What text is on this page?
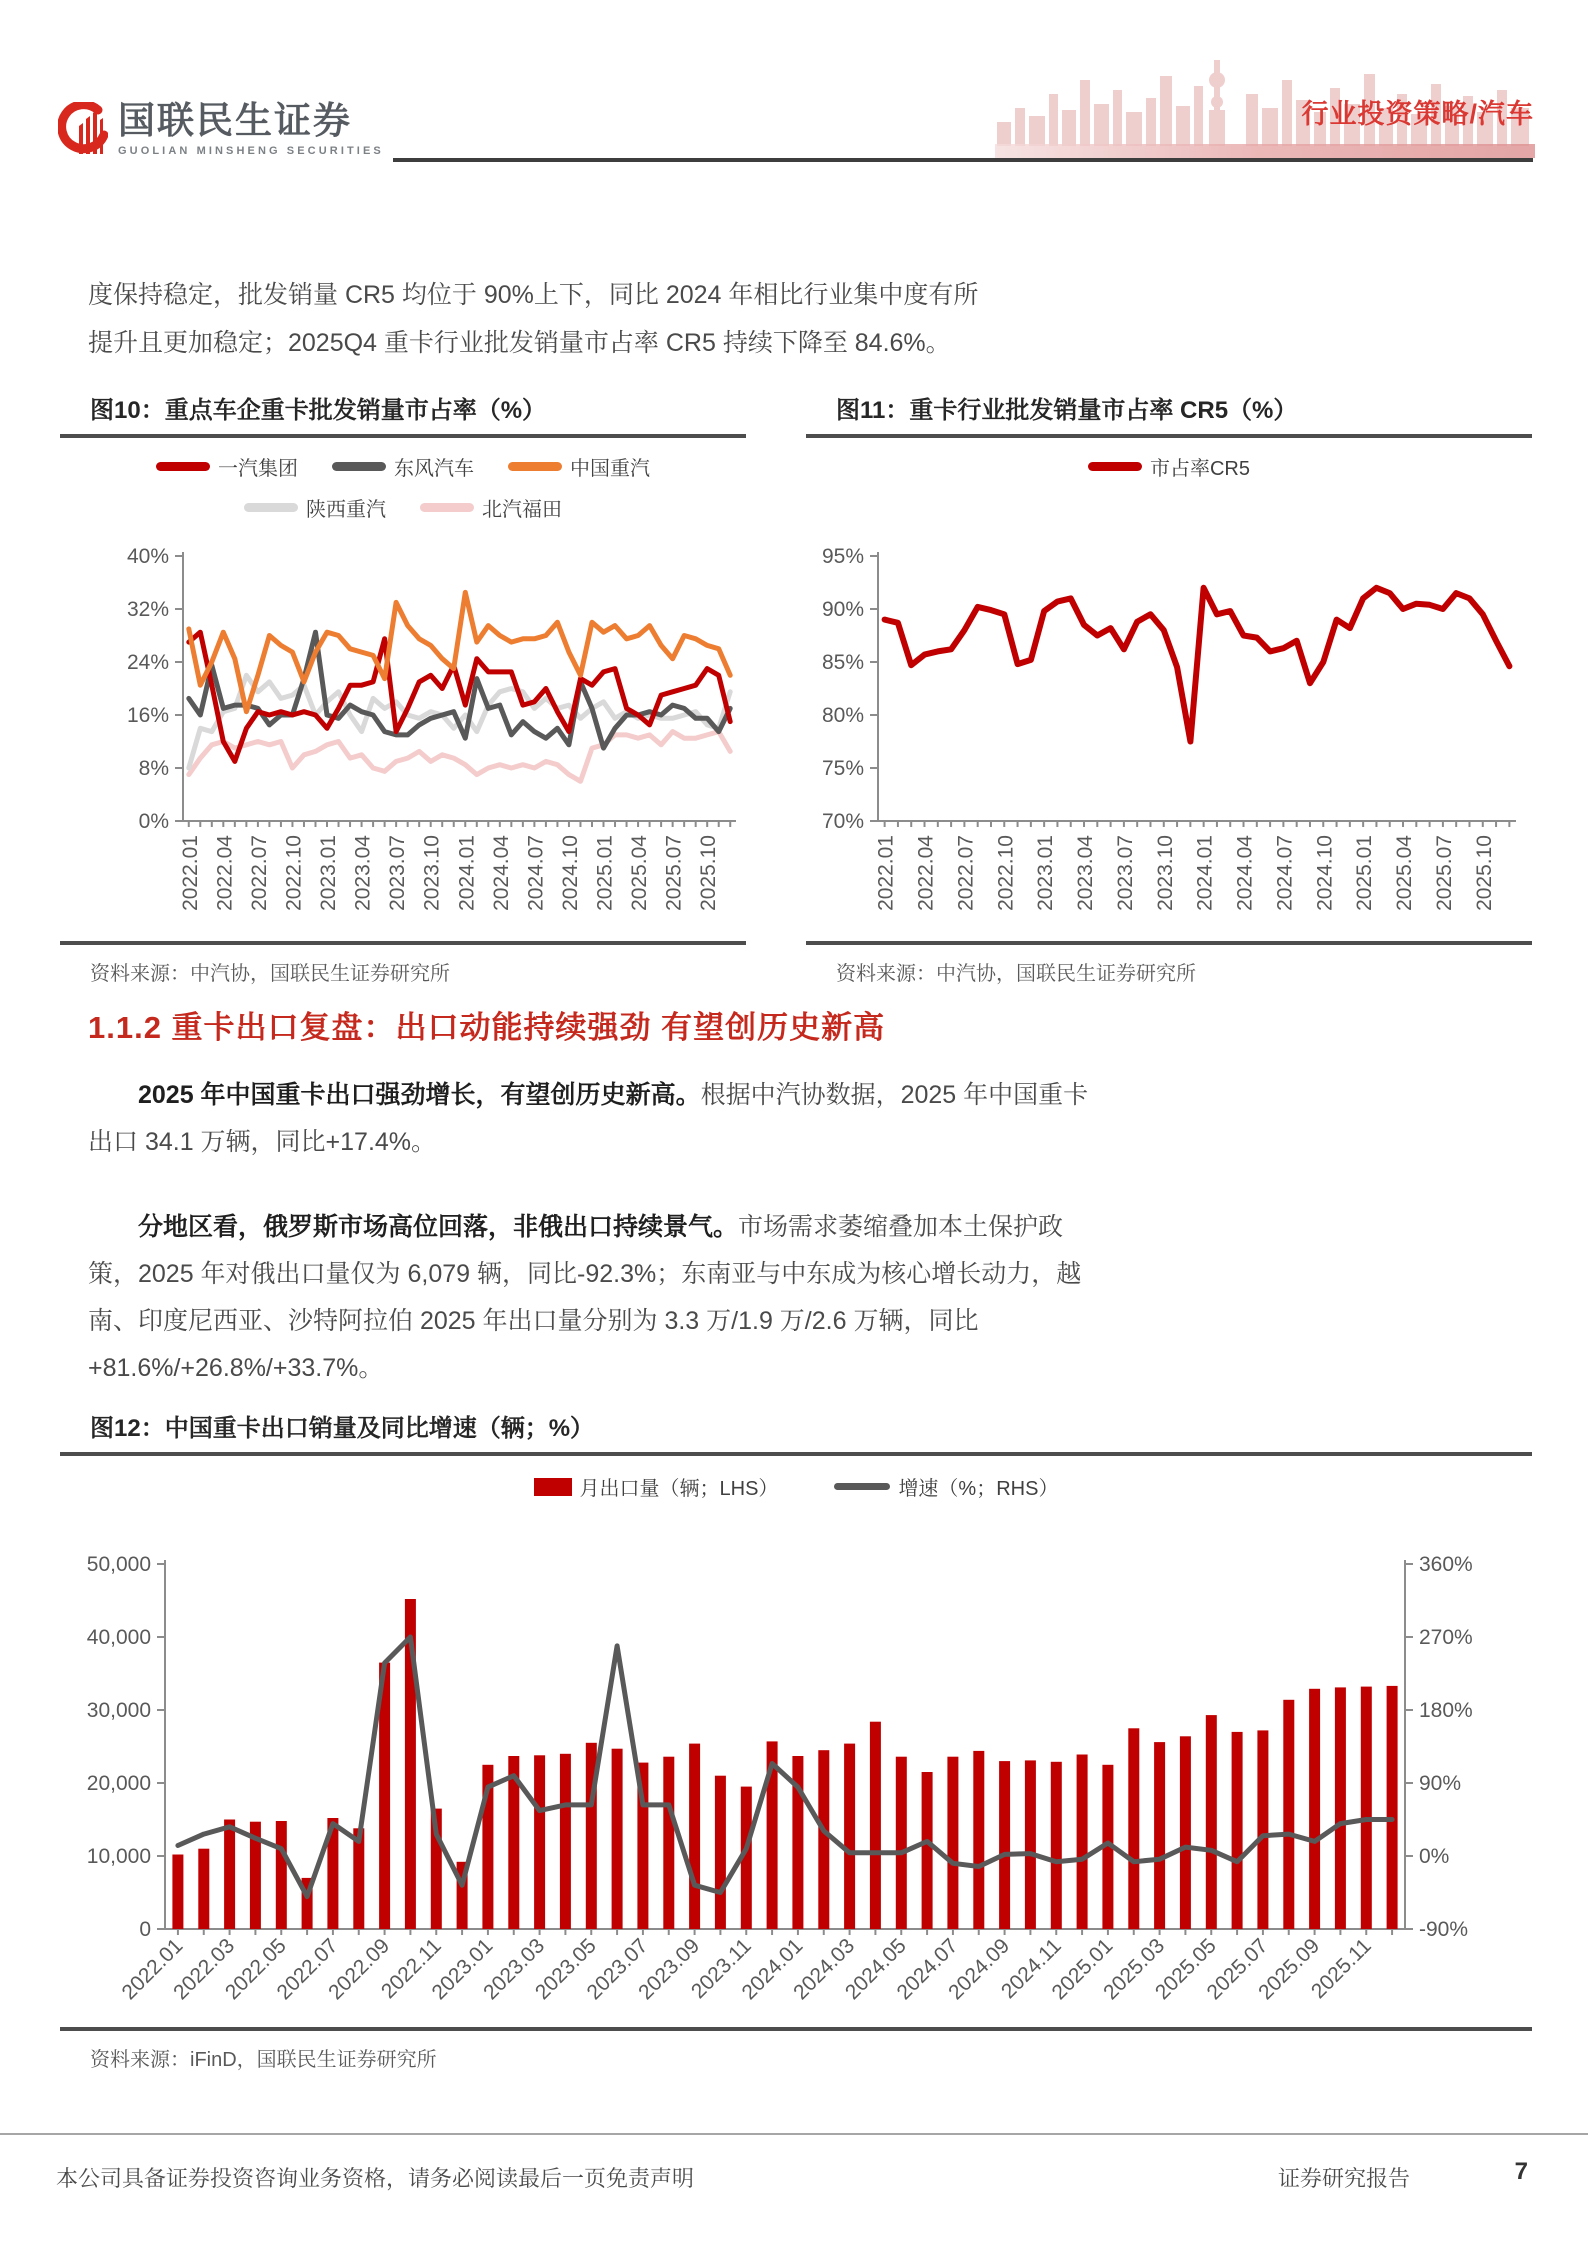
国联民生证券
GUOLIAN MINSHENG SECURITIES
行业投资策略/汽车

度保持稳定，批发销量 CR5 均位于 90%上下，同比 2024 年相比行业集中度有所
提升且更加稳定；2025Q4 重卡行业批发销量市占率 CR5 持续下降至 84.6%。

图10：重点车企重卡批发销量市占率（%）
一汽集团	东风汽车	中国重汽
陕西重汽	北汽福田
0%
8%
16%
24%
32%
40%
2022.01 2022.04 2022.07 2022.10 2023.01 2023.04 2023.07 2023.10 2024.01 2024.04 2024.07 2024.10 2025.01 2025.04 2025.07 2025.10
资料来源：中汽协，国联民生证券研究所
图11：重卡行业批发销量市占率 CR5（%）
市占率CR5
70%
75%
80%
85%
90%
95%
2022.01 2022.04 2022.07 2022.10 2023.01 2023.04 2023.07 2023.10 2024.01 2024.04 2024.07 2024.10 2025.01 2025.04 2025.07 2025.10
资料来源：中汽协，国联民生证券研究所
1.1.2 重卡出口复盘：出口动能持续强劲 有望创历史新高

2025 年中国重卡出口强劲增长，有望创历史新高。根据中汽协数据，2025 年中国重卡出口 34.1 万辆，同比+17.4%。

分地区看，俄罗斯市场高位回落，非俄出口持续景气。市场需求萎缩叠加本土保护政策，2025 年对俄出口量仅为 6,079 辆，同比-92.3%；东南亚与中东成为核心增长动力，越南、印度尼西亚、沙特阿拉伯 2025 年出口量分别为 3.3 万/1.9 万/2.6 万辆，同比+81.6%/+26.8%/+33.7%。

图12：中国重卡出口销量及同比增速（辆；%）
月出口量（辆；LHS）	增速（%；RHS）
0
10,000
20,000
30,000
40,000
50,000
-90%
0%
90%
180%
270%
360%
2022.01
2022.03
2022.05
2022.07
2022.09
2022.11
2023.01
2023.03
2023.05
2023.07
2023.09
2023.11
2024.01
2024.03
2024.05
2024.07
2024.09
2024.11
2025.01
2025.03
2025.05
2025.07
2025.09
2025.11
资料来源：iFinD，国联民生证券研究所
本公司具备证券投资咨询业务资格，请务必阅读最后一页免责声明	证券研究报告	7
